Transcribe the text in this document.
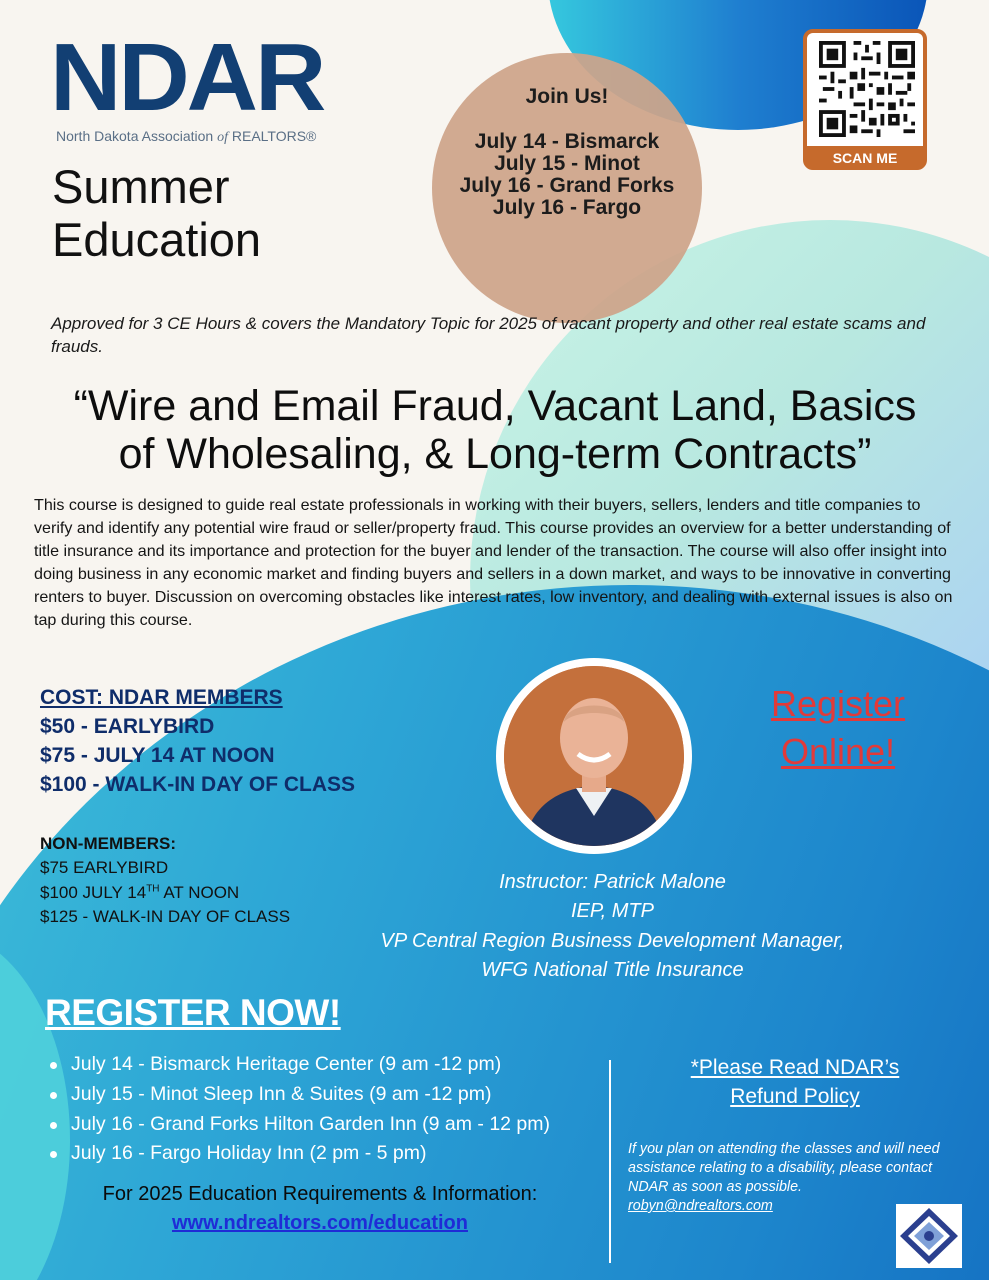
NDAR
North Dakota Association of REALTORS®
Summer
Education
Join Us!
July 14 - Bismarck
July 15 - Minot
July 16 - Grand Forks
July 16 - Fargo
SCAN ME
Approved for 3 CE Hours & covers the Mandatory Topic for 2025 of vacant property and other real estate scams and frauds.
“Wire and Email Fraud, Vacant Land, Basics
of Wholesaling, & Long-term Contracts”
This course is designed to guide real estate professionals in working with their buyers, sellers, lenders and title companies to verify and identify any potential wire fraud or seller/property fraud. This course provides an overview for a better understanding of title insurance and its importance and protection for the buyer and lender of the transaction. The course will also offer insight into doing business in any economic market and finding buyers and sellers in a down market, and ways to be innovative in converting renters to buyer. Discussion on overcoming obstacles like interest rates, low inventory, and dealing with external issues is also on tap during this course.
COST: NDAR MEMBERS
$50 - EARLYBIRD
$75 - JULY 14 AT NOON
$100 - WALK-IN DAY OF CLASS
NON-MEMBERS:
$75 EARLYBIRD
$100 JULY 14TH AT NOON
$125 - WALK-IN DAY OF CLASS
Register
Online!
Instructor: Patrick Malone
IEP, MTP
VP Central Region Business Development Manager,
WFG National Title Insurance
REGISTER NOW!
July 14 - Bismarck Heritage Center (9 am -12 pm)
July 15 - Minot Sleep Inn & Suites (9 am -12 pm)
July 16 - Grand Forks Hilton Garden Inn (9 am - 12 pm)
July 16 - Fargo Holiday Inn (2 pm - 5 pm)
For 2025 Education Requirements & Information:
www.ndrealtors.com/education
*Please Read NDAR’s
Refund Policy
If you plan on attending the classes and will need assistance relating to a disability, please contact NDAR as soon as possible.
robyn@ndrealtors.com
